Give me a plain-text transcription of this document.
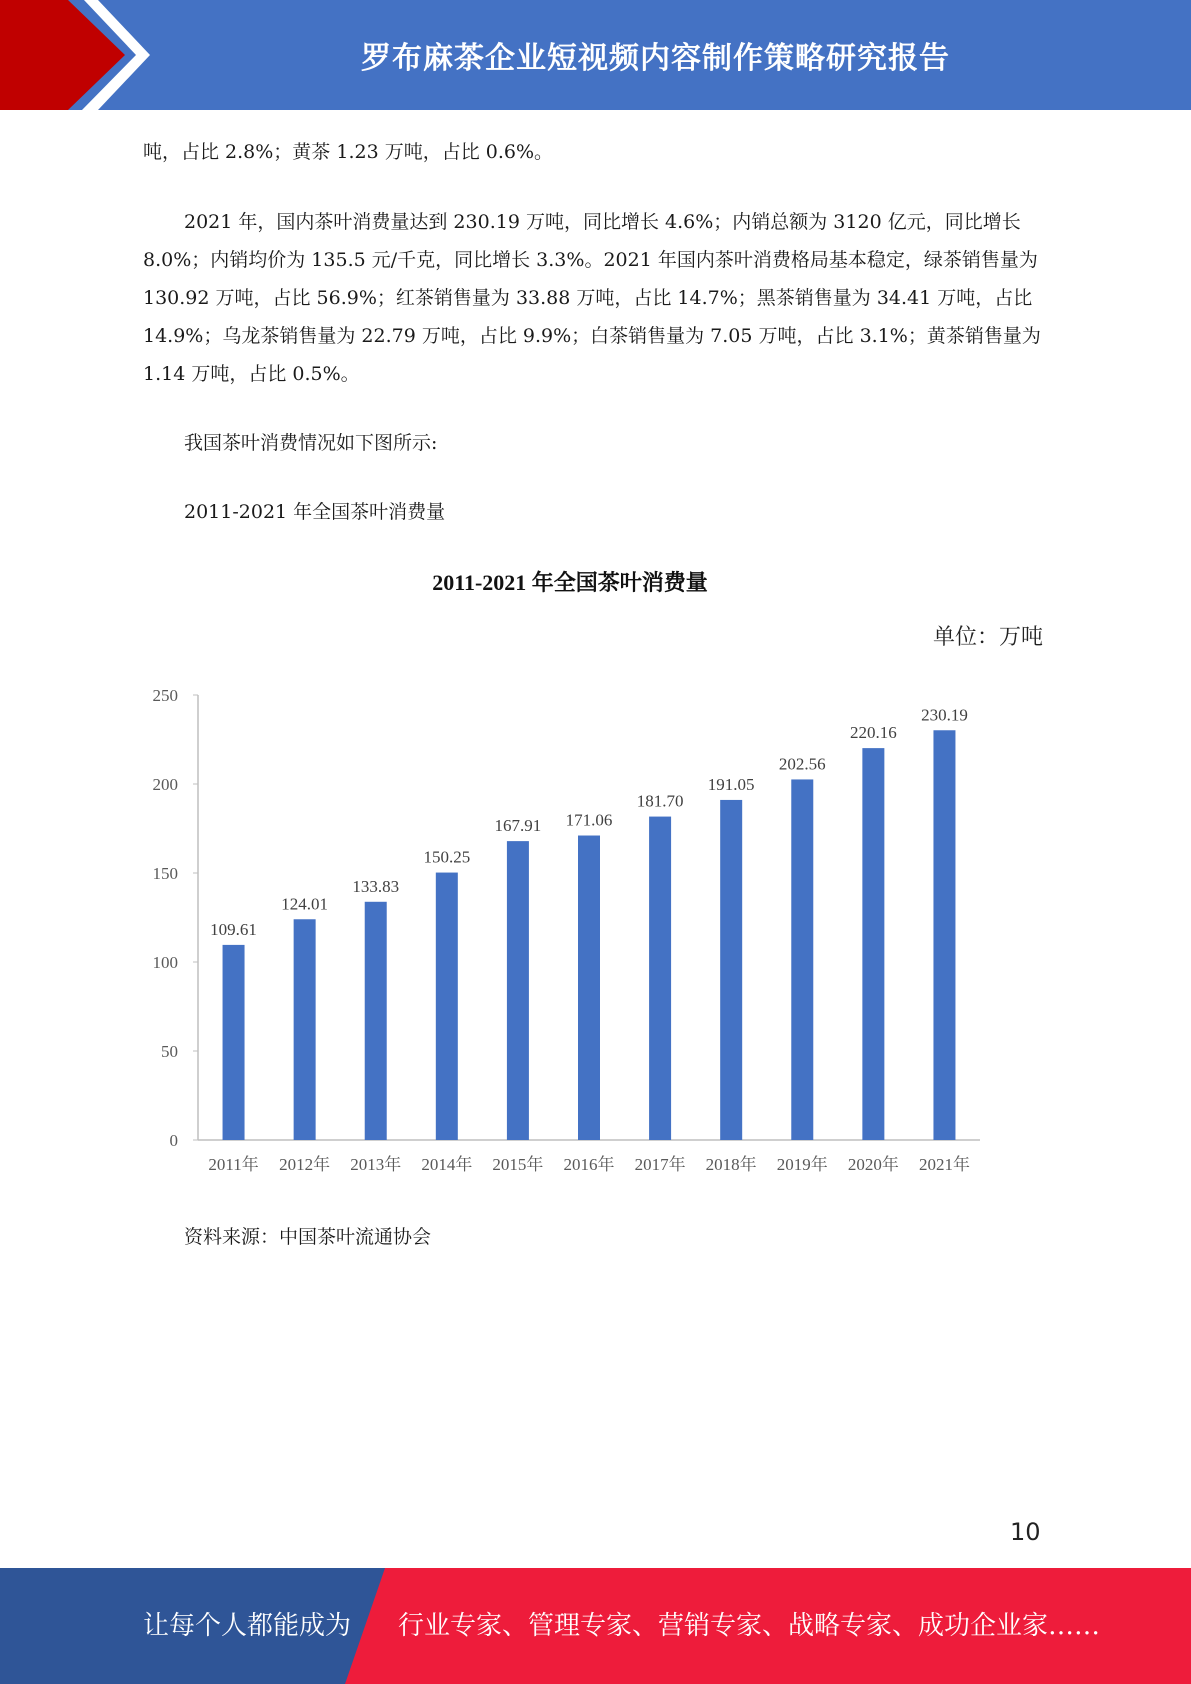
罗布麻茶企业短视频内容制作策略研究报告

吨，占比 2.8%；黄茶 1.23 万吨，占比 0.6%。

2021 年，国内茶叶消费量达到 230.19 万吨，同比增长 4.6%；内销总额为 3120 亿元，同比增长 8.0%；内销均价为 135.5 元/千克，同比增长 3.3%。2021 年国内茶叶消费格局基本稳定，绿茶销售量为 130.92 万吨，占比 56.9%；红茶销售量为 33.88 万吨，占比 14.7%；黑茶销售量为 34.41 万吨，占比 14.9%；乌龙茶销售量为 22.79 万吨，占比 9.9%；白茶销售量为 7.05 万吨，占比 3.1%；黄茶销售量为 1.14 万吨，占比 0.5%。

我国茶叶消费情况如下图所示:

2011-2021 年全国茶叶消费量

2011-2021 年全国茶叶消费量
单位：万吨
0
50
100
150
200
250
109.61
2011年
124.01
2012年
133.83
2013年
150.25
2014年
167.91
2015年
171.06
2016年
181.70
2017年
191.05
2018年
202.56
2019年
220.16
2020年
230.19
2021年
资料来源：中国茶叶流通协会
10
让每个人都能成为 行业专家、管理专家、营销专家、战略专家、成功企业家……
